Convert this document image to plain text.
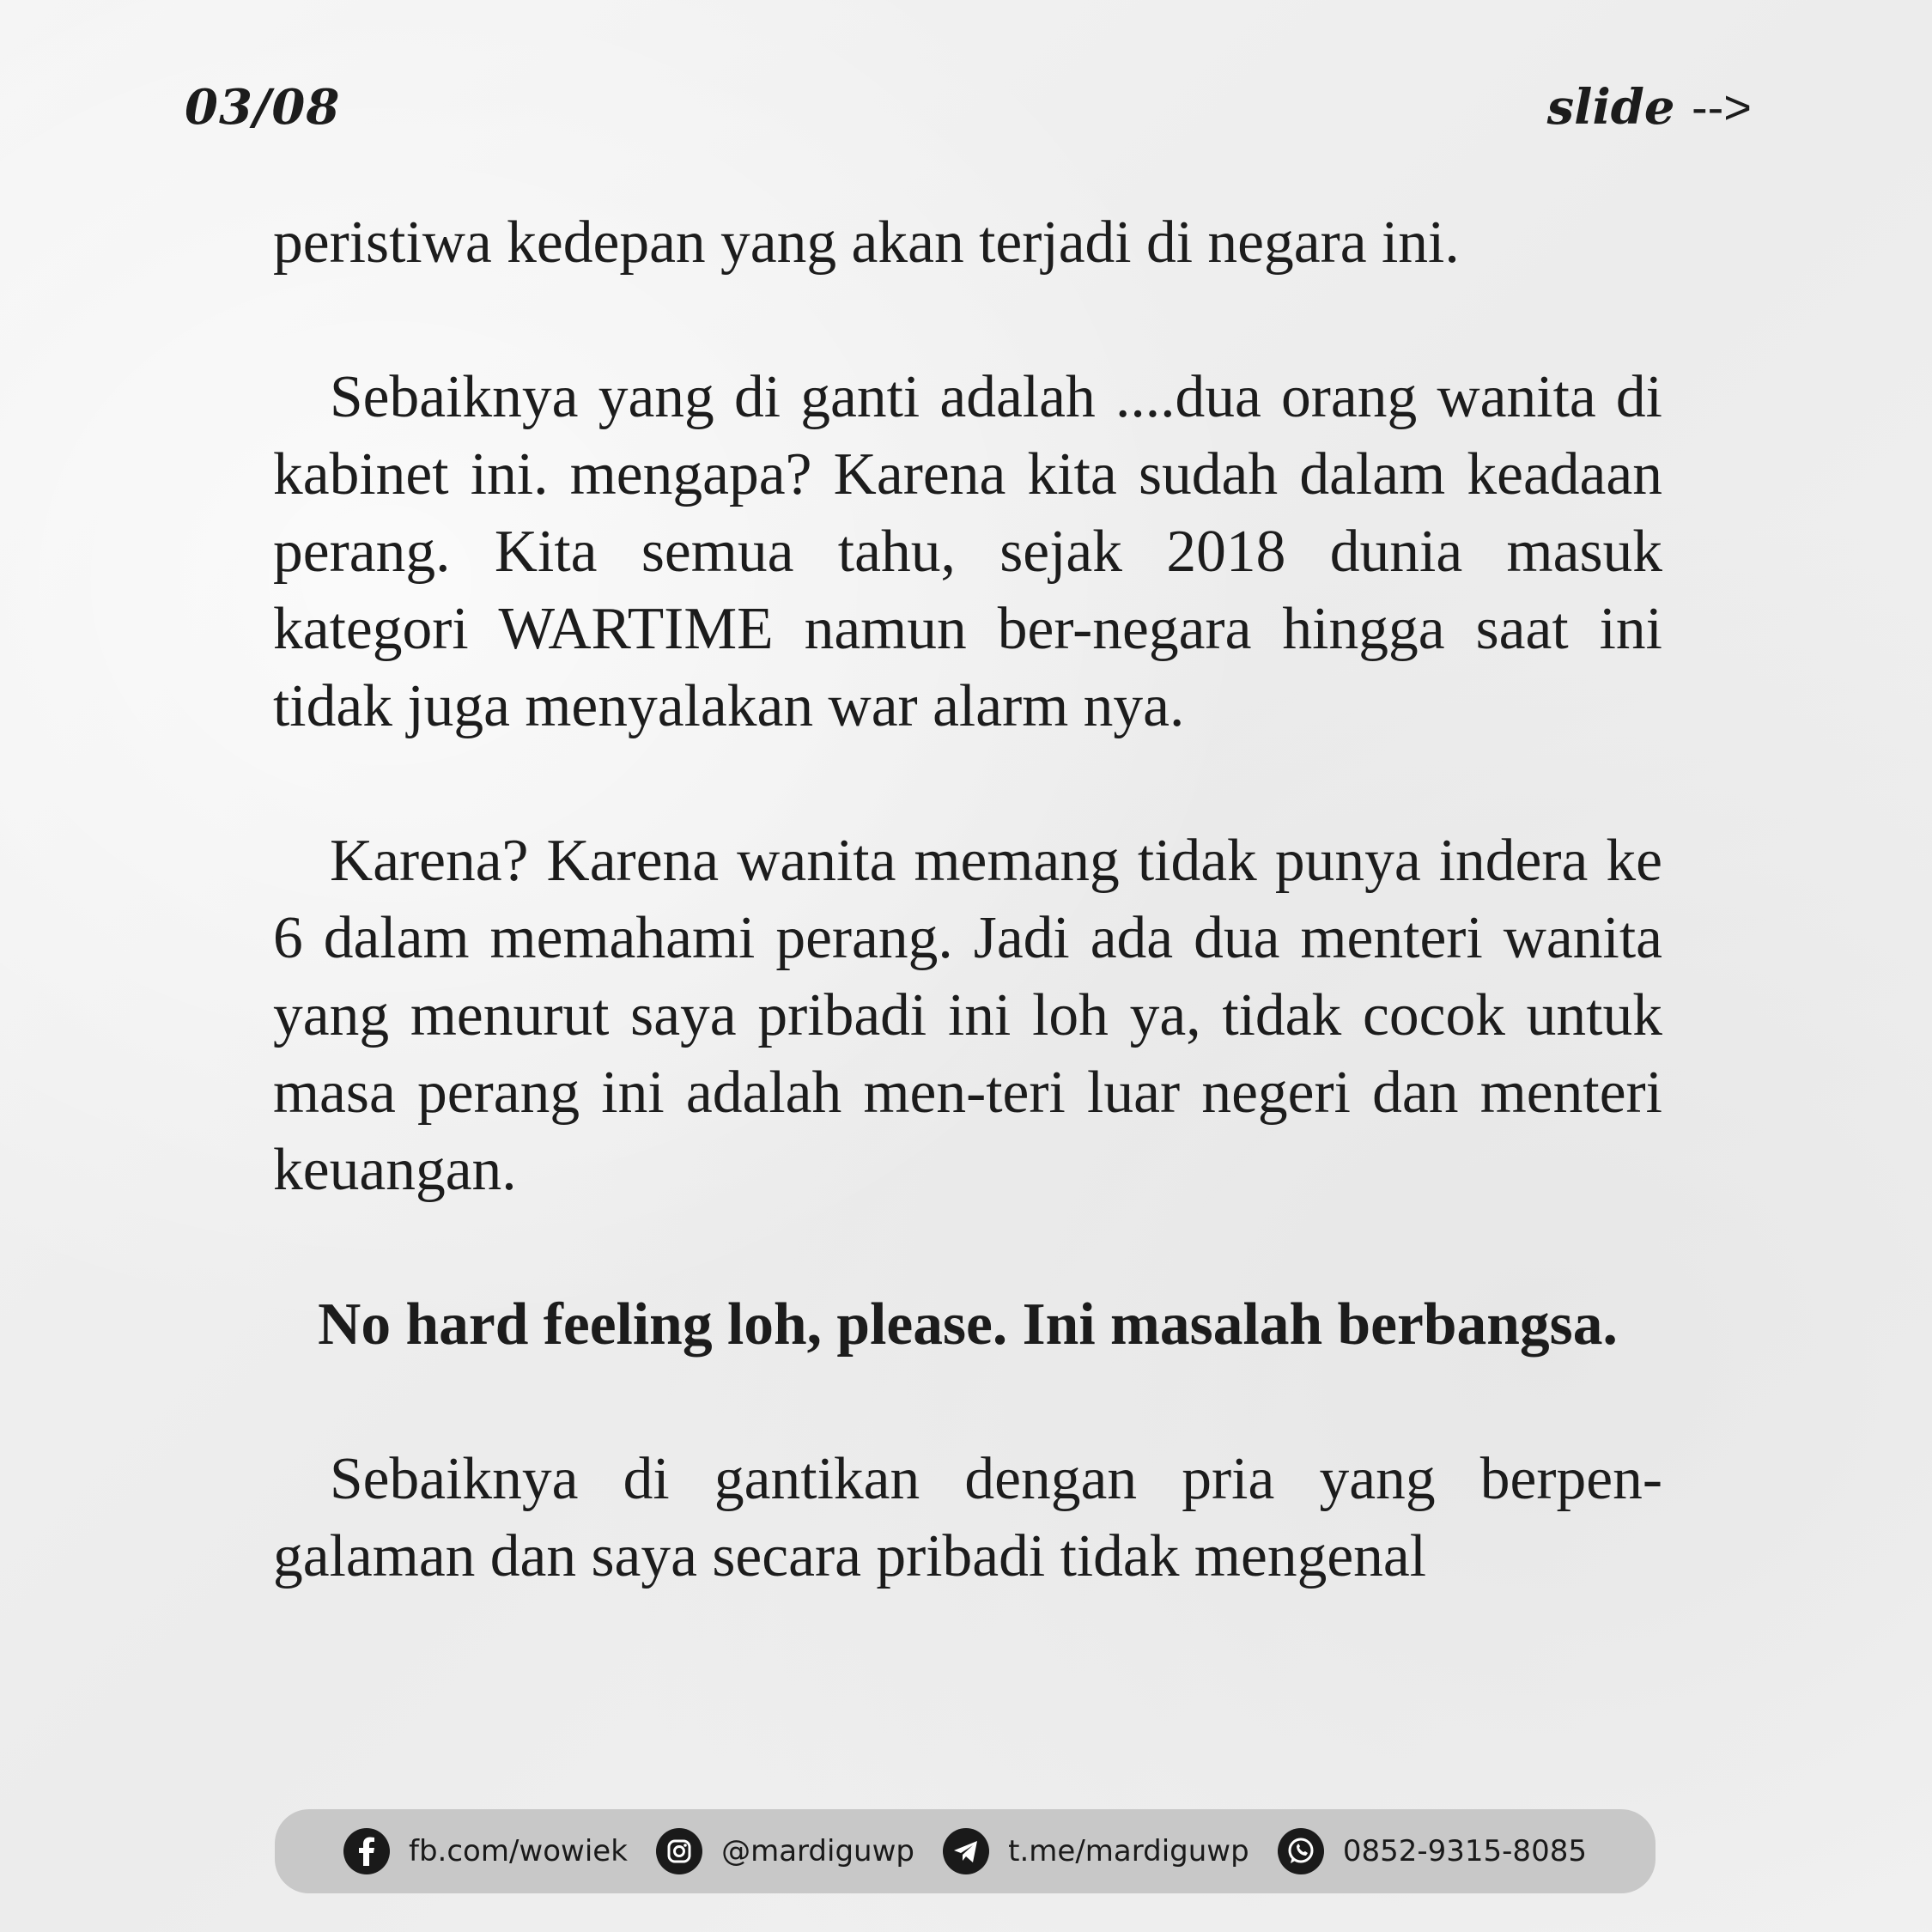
03/08	slide -->

peristiwa kedepan yang akan terjadi di negara ini.

Sebaiknya yang di ganti adalah ....dua orang wanita di kabinet ini. mengapa? Karena kita sudah dalam keadaan perang. Kita semua tahu, sejak 2018 dunia masuk kategori WARTIME namun ber-negara hingga saat ini tidak juga menyalakan war alarm nya.

Karena? Karena wanita memang tidak punya indera ke 6 dalam memahami perang. Jadi ada dua menteri wanita yang menurut saya pribadi ini loh ya, tidak cocok untuk masa perang ini adalah men-teri luar negeri dan menteri keuangan.

No hard feeling loh, please. Ini masalah berbangsa.

Sebaiknya di gantikan dengan pria yang berpen-galaman dan saya secara pribadi tidak mengenal

fb.com/wowiek	@mardiguwp	t.me/mardiguwp	0852-9315-8085
